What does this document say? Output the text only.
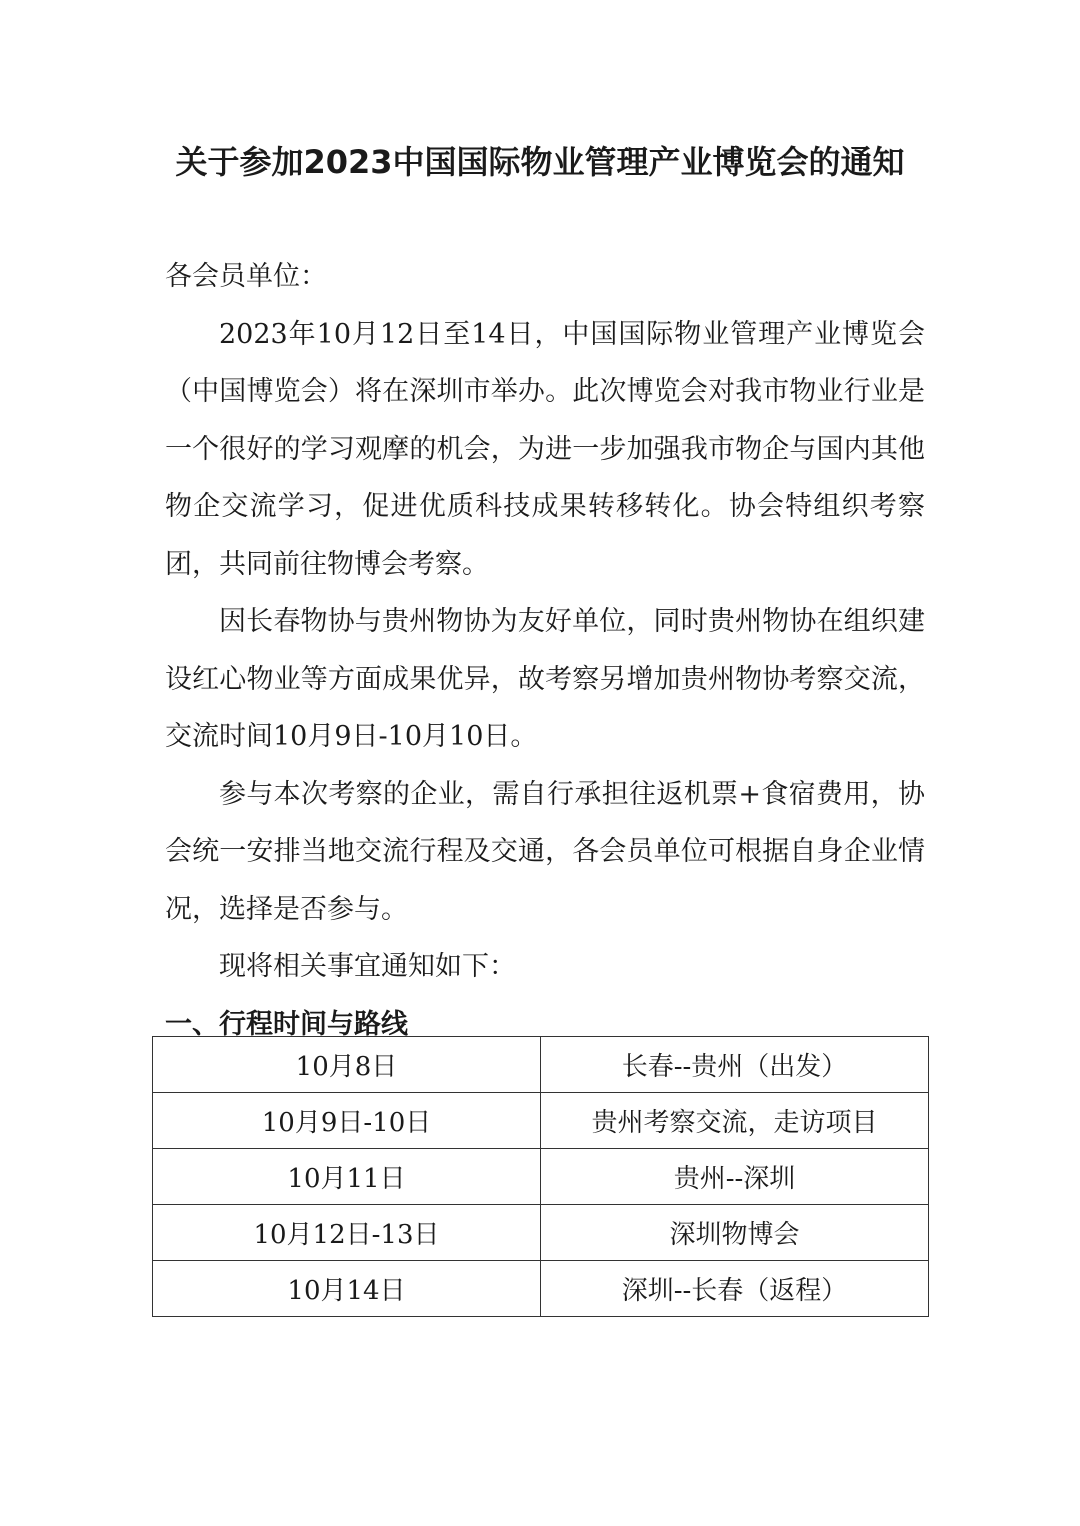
关于参加2023中国国际物业管理产业博览会的通知

各会员单位：

2023年10月12日至14日，中国国际物业管理产业博览会（中国博览会）将在深圳市举办。此次博览会对我市物业行业是一个很好的学习观摩的机会，为进一步加强我市物企与国内其他物企交流学习，促进优质科技成果转移转化。协会特组织考察团，共同前往物博会考察。

因长春物协与贵州物协为友好单位，同时贵州物协在组织建设红心物业等方面成果优异，故考察另增加贵州物协考察交流，交流时间10月9日-10月10日。

参与本次考察的企业，需自行承担往返机票+食宿费用，协会统一安排当地交流行程及交通，各会员单位可根据自身企业情况，选择是否参与。

现将相关事宜通知如下：

一、行程时间与路线

10月8日	长春--贵州（出发）
10月9日-10日	贵州考察交流，走访项目
10月11日	贵州--深圳
10月12日-13日	深圳物博会
10月14日	深圳--长春（返程）
